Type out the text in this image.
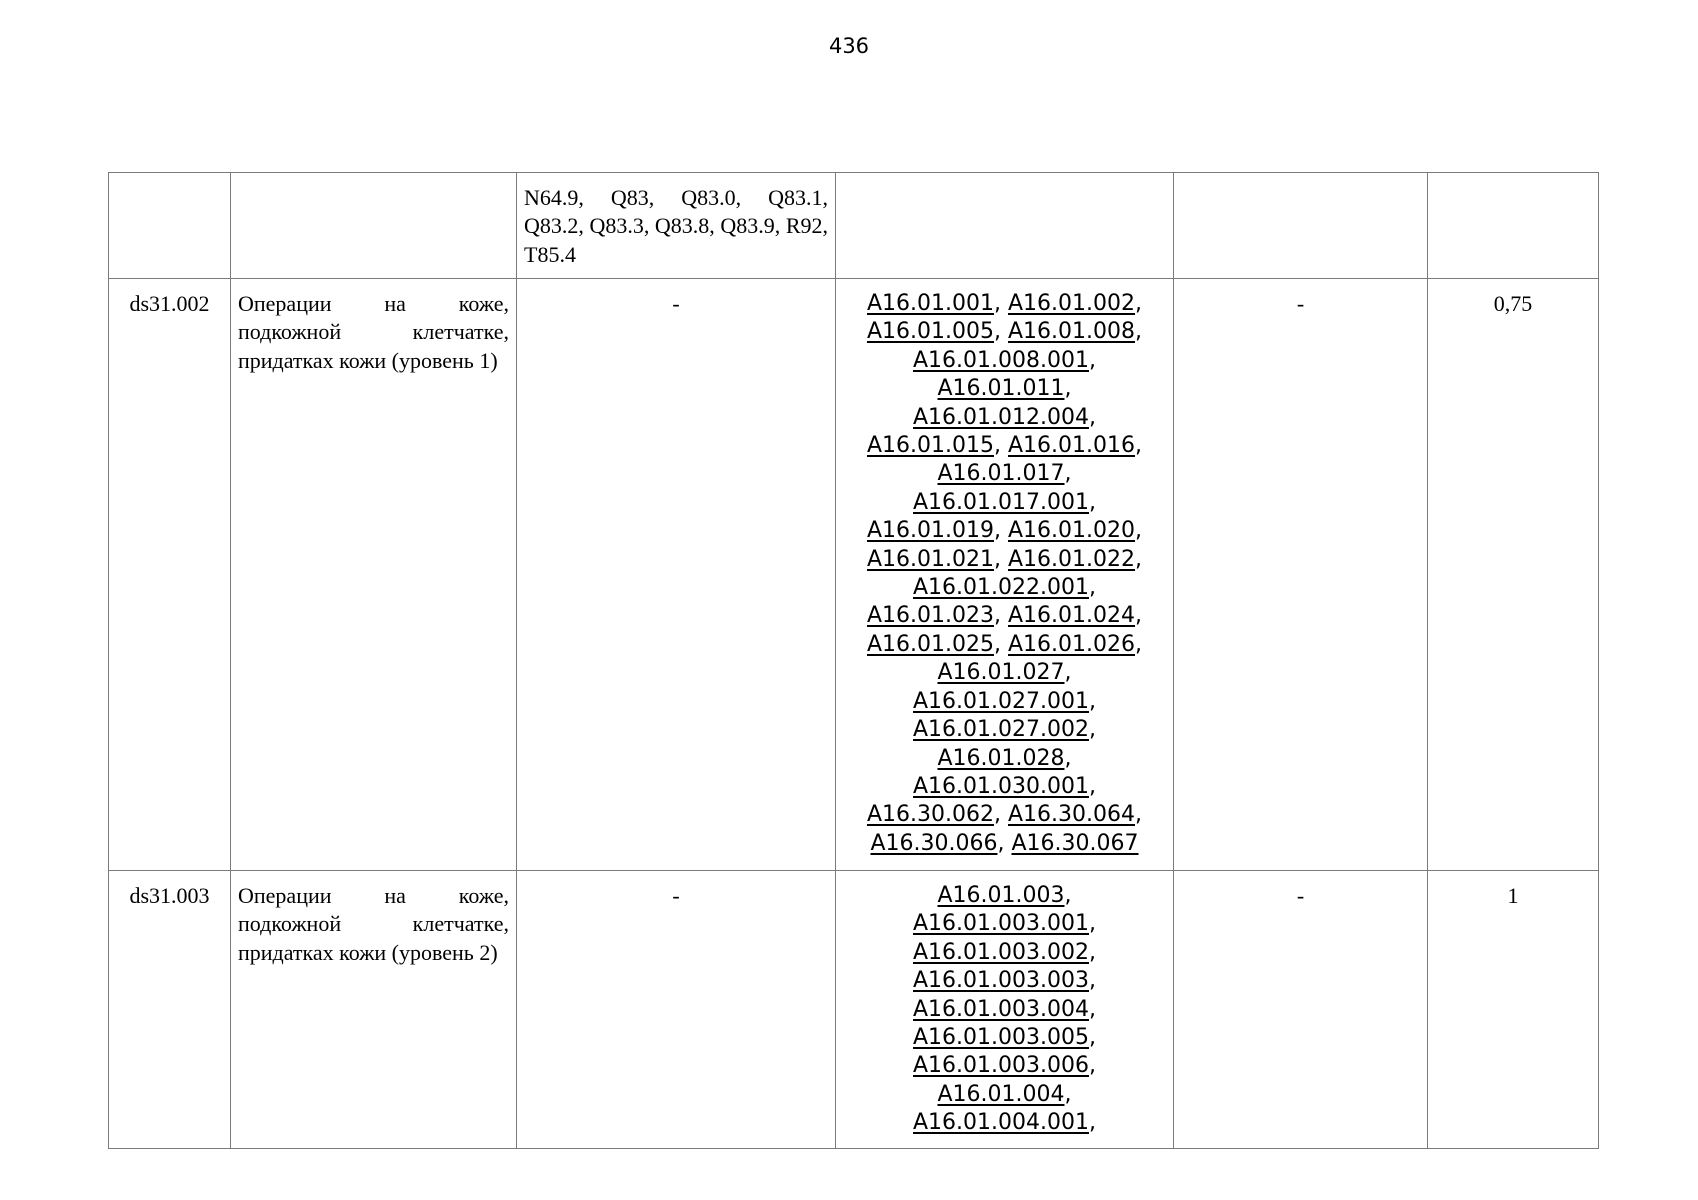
436
		N64.9, Q83, Q83.0, Q83.1, Q83.2, Q83.3, Q83.8, Q83.9, R92, T85.4			
ds31.002	Операции на коже, подкожной клетчатке, придатках кожи (уровень 1)	-	A16.01.001, A16.01.002, A16.01.005, A16.01.008, A16.01.008.001, A16.01.011, A16.01.012.004, A16.01.015, A16.01.016, A16.01.017, A16.01.017.001, A16.01.019, A16.01.020, A16.01.021, A16.01.022, A16.01.022.001, A16.01.023, A16.01.024, A16.01.025, A16.01.026, A16.01.027, A16.01.027.001, A16.01.027.002, A16.01.028, A16.01.030.001, A16.30.062, A16.30.064, A16.30.066, A16.30.067	-	0,75
ds31.003	Операции на коже, подкожной клетчатке, придатках кожи (уровень 2)	-	A16.01.003, A16.01.003.001, A16.01.003.002, A16.01.003.003, A16.01.003.004, A16.01.003.005, A16.01.003.006, A16.01.004, A16.01.004.001,	-	1
